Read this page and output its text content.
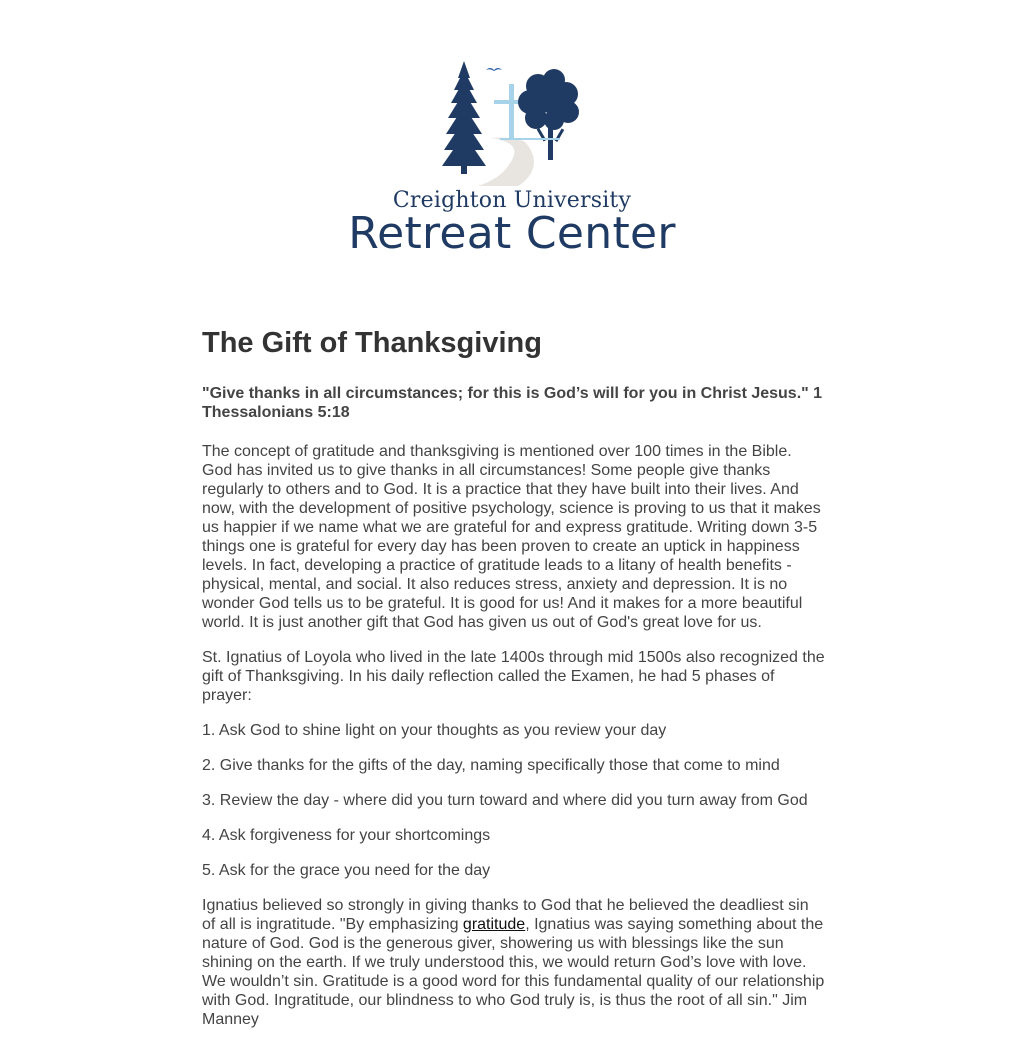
Creighton University
Retreat Center
The Gift of Thanksgiving
"Give thanks in all circumstances; for this is God’s will for you in Christ Jesus." 1 Thessalonians 5:18

The concept of gratitude and thanksgiving is mentioned over 100 times in the Bible. God has invited us to give thanks in all circumstances! Some people give thanks regularly to others and to God. It is a practice that they have built into their lives. And now, with the development of positive psychology, science is proving to us that it makes us happier if we name what we are grateful for and express gratitude. Writing down 3-5 things one is grateful for every day has been proven to create an uptick in happiness levels. In fact, developing a practice of gratitude leads to a litany of health benefits - physical, mental, and social. It also reduces stress, anxiety and depression. It is no wonder God tells us to be grateful. It is good for us! And it makes for a more beautiful world. It is just another gift that God has given us out of God's great love for us.

St. Ignatius of Loyola who lived in the late 1400s through mid 1500s also recognized the gift of Thanksgiving. In his daily reflection called the Examen, he had 5 phases of prayer:

1. Ask God to shine light on your thoughts as you review your day

2. Give thanks for the gifts of the day, naming specifically those that come to mind

3. Review the day - where did you turn toward and where did you turn away from God

4. Ask forgiveness for your shortcomings

5. Ask for the grace you need for the day

Ignatius believed so strongly in giving thanks to God that he believed the deadliest sin of all is ingratitude. "By emphasizing gratitude, Ignatius was saying something about the nature of God. God is the generous giver, showering us with blessings like the sun shining on the earth. If we truly understood this, we would return God’s love with love. We wouldn’t sin. Gratitude is a good word for this fundamental quality of our relationship with God. Ingratitude, our blindness to who God truly is, is thus the root of all sin." Jim Manney
